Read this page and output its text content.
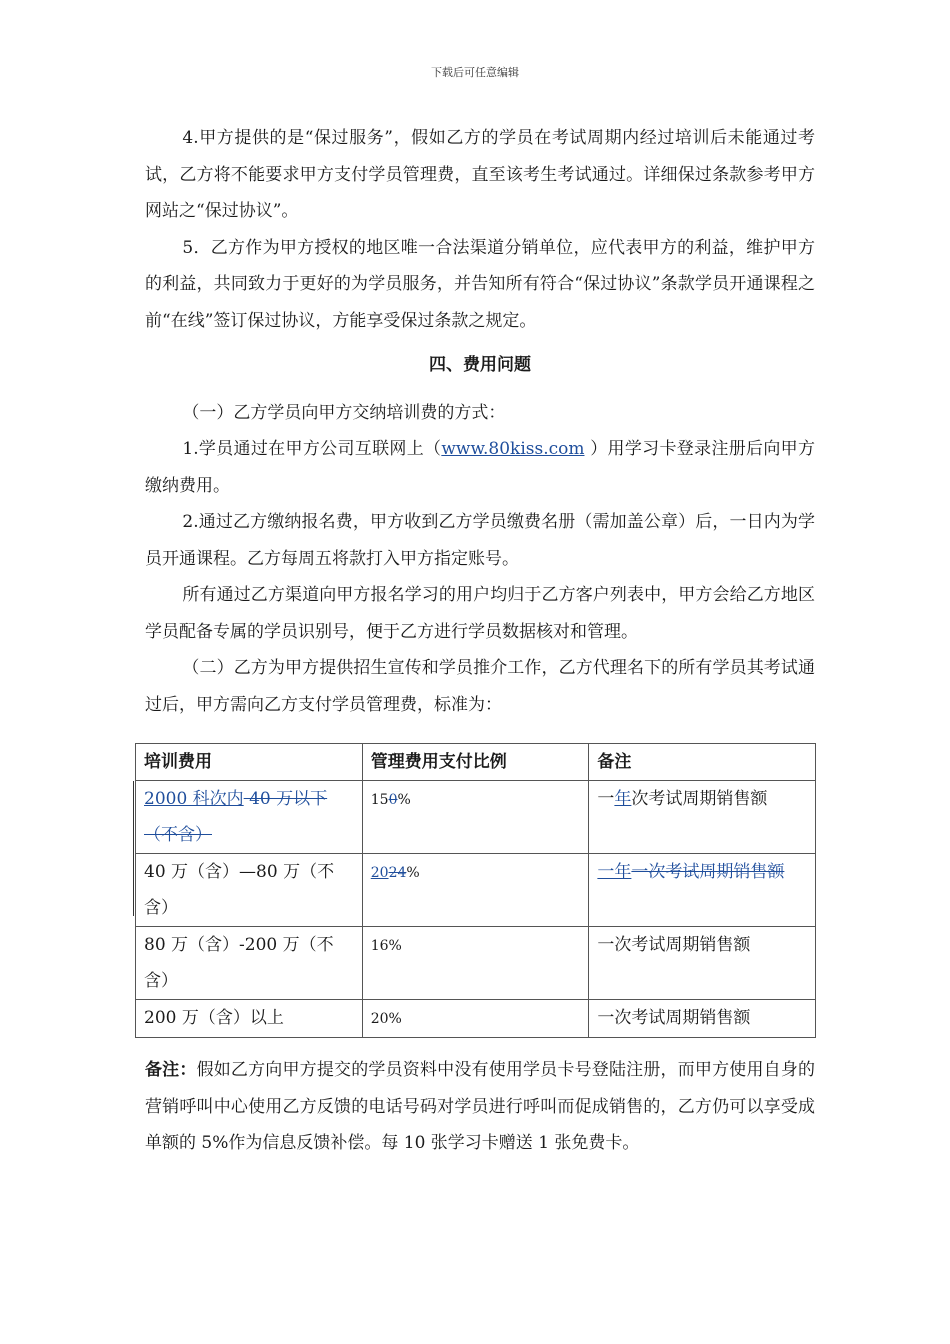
下载后可任意编辑

4.甲方提供的是“保过服务”，假如乙方的学员在考试周期内经过培训后未能通过考试，乙方将不能要求甲方支付学员管理费，直至该考生考试通过。详细保过条款参考甲方网站之“保过协议”。

5．乙方作为甲方授权的地区唯一合法渠道分销单位，应代表甲方的利益，维护甲方的利益，共同致力于更好的为学员服务，并告知所有符合“保过协议”条款学员开通课程之前“在线”签订保过协议，方能享受保过条款之规定。

四、费用问题

（一）乙方学员向甲方交纳培训费的方式：

1.学员通过在甲方公司互联网上（www.80kiss.com ）用学习卡登录注册后向甲方缴纳费用。

2.通过乙方缴纳报名费，甲方收到乙方学员缴费名册（需加盖公章）后，一日内为学员开通课程。乙方每周五将款打入甲方指定账号。

所有通过乙方渠道向甲方报名学习的用户均归于乙方客户列表中，甲方会给乙方地区学员配备专属的学员识别号，便于乙方进行学员数据核对和管理。

（二）乙方为甲方提供招生宣传和学员推介工作，乙方代理名下的所有学员其考试通过后，甲方需向乙方支付学员管理费，标准为：

培训费用	管理费用支付比例	备注
2000 科次内 40 万以下（不含）	150%	一年次考试周期销售额
40 万（含）—80 万（不含）	2024%	一年一次考试周期销售额
80 万（含）-200 万（不含）	16%	一次考试周期销售额
200 万（含）以上	20%	一次考试周期销售额
备注：假如乙方向甲方提交的学员资料中没有使用学员卡号登陆注册，而甲方使用自身的营销呼叫中心使用乙方反馈的电话号码对学员进行呼叫而促成销售的，乙方仍可以享受成单额的 5%作为信息反馈补偿。每 10 张学习卡赠送 1 张免费卡。
